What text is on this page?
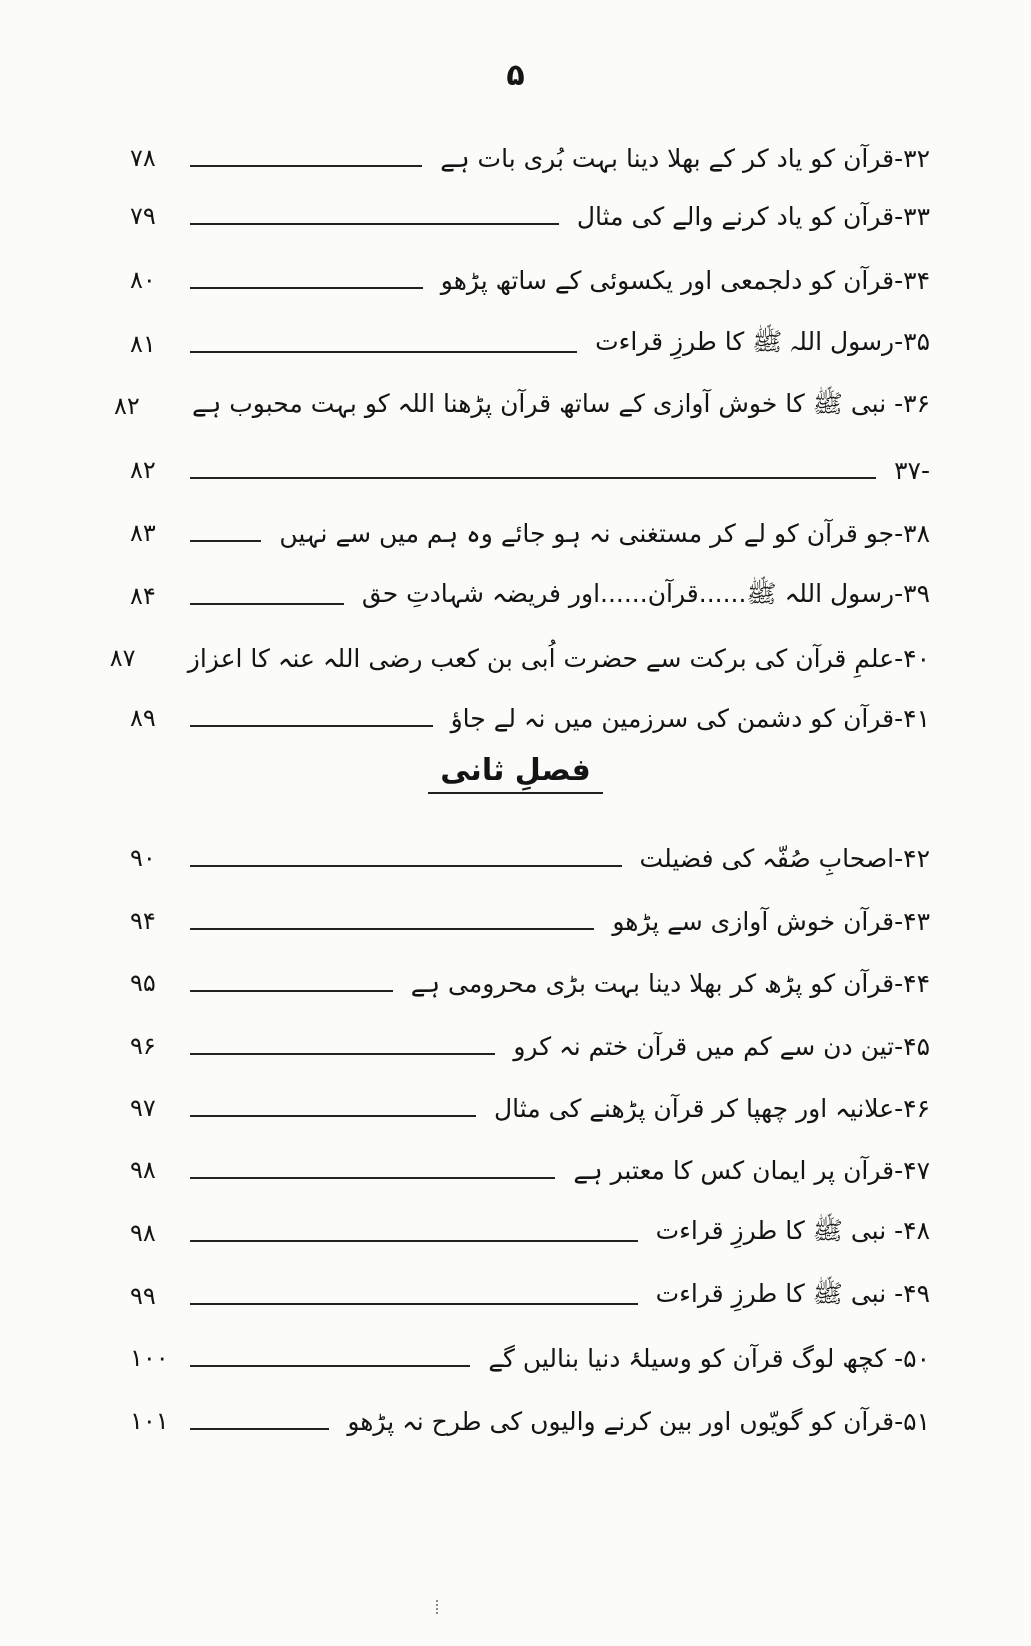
۵
۳۲-قرآن کو یاد کر کے بھلا دینا بہت بُری بات ہے
۷۸
۳۳-قرآن کو یاد کرنے والے کی مثال
۷۹
۳۴-قرآن کو دلجمعی اور یکسوئی کے ساتھ پڑھو
۸۰
۳۵-رسول اللہ ﷺ کا طرزِ قراءت
۸۱
۳۶- نبی ﷺ کا خوش آوازی کے ساتھ قرآن پڑھنا اللہ کو بہت محبوب ہے
۸۲
-۳۷
۸۲
۳۸-جو قرآن کو لے کر مستغنی نہ ہو جائے وہ ہم میں سے نہیں
۸۳
۳۹-رسول اللہ ﷺ......قرآن......اور فریضہ شہادتِ حق
۸۴
۴۰-علمِ قرآن کی برکت سے حضرت اُبی بن کعب رضی اللہ عنہ کا اعزاز
۸۷
۴۱-قرآن کو دشمن کی سرزمین میں نہ لے جاؤ
۸۹
۴۲-اصحابِ صُفّہ کی فضیلت
۹۰
۴۳-قرآن خوش آوازی سے پڑھو
۹۴
۴۴-قرآن کو پڑھ کر بھلا دینا بہت بڑی محرومی ہے
۹۵
۴۵-تین دن سے کم میں قرآن ختم نہ کرو
۹۶
۴۶-علانیہ اور چھپا کر قرآن پڑھنے کی مثال
۹۷
۴۷-قرآن پر ایمان کس کا معتبر ہے
۹۸
۴۸- نبی ﷺ کا طرزِ قراءت
۹۸
۴۹- نبی ﷺ کا طرزِ قراءت
۹۹
۵۰- کچھ لوگ قرآن کو وسیلۂ دنیا بنالیں گے
۱۰۰
۵۱-قرآن کو گویّوں اور بین کرنے والیوں کی طرح نہ پڑھو
۱۰۱
فصلِ ثانی
